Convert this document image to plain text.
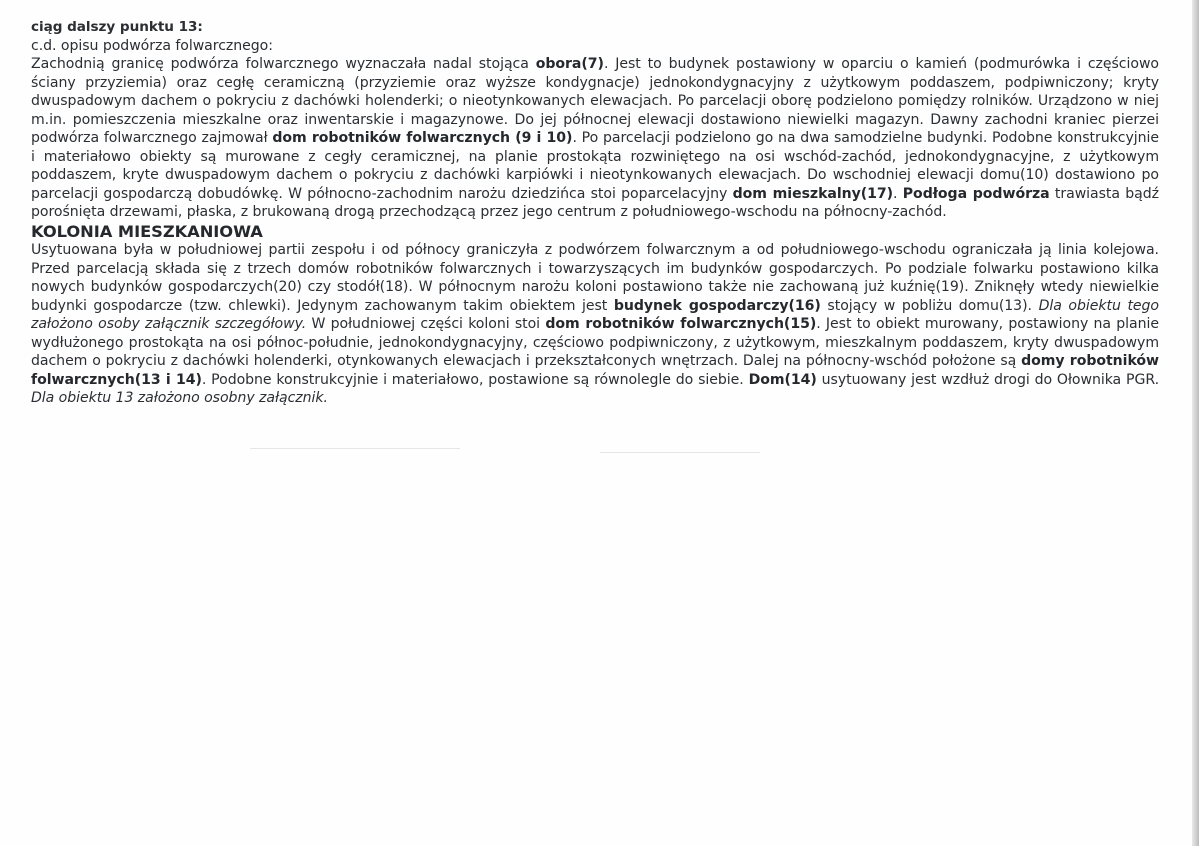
ciąg dalszy punktu 13:
c.d. opisu podwórza folwarcznego:

Zachodnią granicę podwórza folwarcznego wyznaczała nadal stojąca obora(7). Jest to budynek postawiony w oparciu o kamień (podmurówka i częściowo ściany przyziemia) oraz cegłę ceramiczną (przyziemie oraz wyższe kondygnacje) jednokondygnacyjny z użytkowym poddaszem, podpiwniczony; kryty dwuspadowym dachem o pokryciu z dachówki holenderki; o nieotynkowanych elewacjach. Po parcelacji oborę podzielono pomiędzy rolników. Urządzono w niej m.in. pomieszczenia mieszkalne oraz inwentarskie i magazynowe. Do jej północnej elewacji dostawiono niewielki magazyn. Dawny zachodni kraniec pierzei podwórza folwarcznego zajmował dom robotników folwarcznych (9 i 10). Po parcelacji podzielono go na dwa samodzielne budynki. Podobne konstrukcyjnie i materiałowo obiekty są murowane z cegły ceramicznej, na planie prostokąta rozwiniętego na osi wschód-zachód, jednokondygnacyjne, z użytkowym poddaszem, kryte dwuspadowym dachem o pokryciu z dachówki karpiówki i nieotynkowanych elewacjach. Do wschodniej elewacji domu(10) dostawiono po parcelacji gospodarczą dobudówkę. W północno-zachodnim narożu dziedzińca stoi poparcelacyjny dom mieszkalny(17). Podłoga podwórza trawiasta bądź porośnięta drzewami, płaska, z brukowaną drogą przechodzącą przez jego centrum z południowego-wschodu na północny-zachód.

KOLONIA MIESZKANIOWA

Usytuowana była w południowej partii zespołu i od północy graniczyła z podwórzem folwarcznym a od południowego-wschodu ograniczała ją linia kolejowa. Przed parcelacją składa się z trzech domów robotników folwarcznych i towarzyszących im budynków gospodarczych. Po podziale folwarku postawiono kilka nowych budynków gospodarczych(20) czy stodół(18). W północnym narożu koloni postawiono także nie zachowaną już kuźnię(19). Zniknęły wtedy niewielkie budynki gospodarcze (tzw. chlewki). Jedynym zachowanym takim obiektem jest budynek gospodarczy(16) stojący w pobliżu domu(13). Dla obiektu tego założono osoby załącznik szczegółowy. W południowej części koloni stoi dom robotników folwarcznych(15). Jest to obiekt murowany, postawiony na planie wydłużonego prostokąta na osi północ-południe, jednokondygnacyjny, częściowo podpiwniczony, z użytkowym, mieszkalnym poddaszem, kryty dwuspadowym dachem o pokryciu z dachówki holenderki, otynkowanych elewacjach i przekształconych wnętrzach. Dalej na północny-wschód położone są domy robotników folwarcznych(13 i 14). Podobne konstrukcyjnie i materiałowo, postawione są równolegle do siebie. Dom(14) usytuowany jest wzdłuż drogi do Ołownika PGR. Dla obiektu 13 założono osobny załącznik.
